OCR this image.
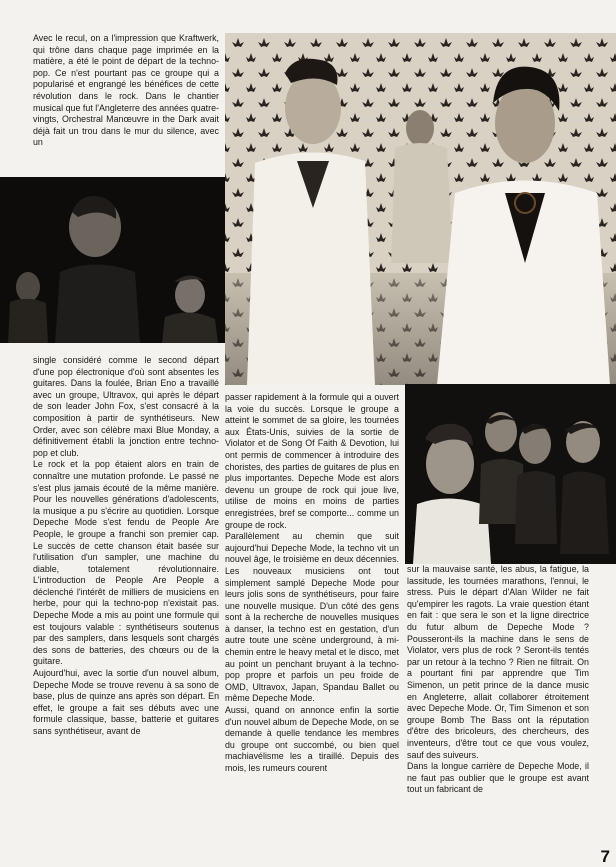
Avec le recul, on a l'impression que Kraftwerk, qui trône dans chaque page imprimée en la matière, a été le point de départ de la techno-pop. Ce n'est pourtant pas ce groupe qui a popularisé et engrangé les bénéfices de cette révolution dans le rock. Dans le chantier musical que fut l'Angleterre des années quatre-vingts, Orchestral Manœuvre in the Dark avait déjà fait un trou dans le mur du silence, avec un

single considéré comme le second départ d'une pop électronique d'où sont absentes les guitares. Dans la foulée, Brian Eno a travaillé avec un groupe, Ultravox, qui après le départ de son leader John Fox, s'est consacré à la composition à partir de synthétiseurs. New Order, avec son célèbre maxi Blue Monday, a définitivement établi la jonction entre techno-pop et club.

Le rock et la pop étaient alors en train de connaître une mutation profonde. Le passé ne s'est plus jamais écouté de la même manière. Pour les nouvelles générations d'adolescents, la musique a pu s'écrire au quotidien. Lorsque Depeche Mode s'est fendu de People Are People, le groupe a franchi son premier cap. Le succès de cette chanson était basée sur l'utilisation d'un sampler, une machine du diable, totalement révolutionnaire. L'introduction de People Are People a déclenché l'intérêt de milliers de musiciens en herbe, pour qui la techno-pop n'existait pas. Depeche Mode a mis au point une formule qui est toujours valable : synthétiseurs soutenus par des samplers, dans lesquels sont chargés des sons de batteries, des chœurs ou de la guitare.

Aujourd'hui, avec la sortie d'un nouvel album, Depeche Mode se trouve revenu à sa sono de base, plus de quinze ans après son départ. En effet, le groupe a fait ses débuts avec une formule classique, basse, batterie et guitares sans synthétiseur, avant de

passer rapidement à la formule qui a ouvert la voie du succès. Lorsque le groupe a atteint le sommet de sa gloire, les tournées aux États-Unis, suivies de la sortie de Violator et de Song Of Faith & Devotion, lui ont permis de commencer à introduire des choristes, des parties de guitares de plus en plus importantes. Depeche Mode est alors devenu un groupe de rock qui joue live, utilise de moins en moins de parties enregistrées, bref se comporte... comme un groupe de rock.

Parallèlement au chemin que suit aujourd'hui Depeche Mode, la techno vit un nouvel âge, le troisième en deux décennies. Les nouveaux musiciens ont tout simplement samplé Depeche Mode pour leurs jolis sons de synthétiseurs, pour faire une nouvelle musique. D'un côté des gens sont à la recherche de nouvelles musiques à danser, la techno est en gestation, d'un autre toute une scène underground, à mi-chemin entre le heavy metal et le disco, met au point un penchant bruyant à la techno-pop propre et parfois un peu froide de OMD, Ultravox, Japan, Spandau Ballet ou même Depeche Mode.

Aussi, quand on annonce enfin la sortie d'un nouvel album de Depeche Mode, on se demande à quelle tendance les membres du groupe ont succombé, ou bien quel machiavélisme les a tiraillé. Depuis des mois, les rumeurs courent

sur la mauvaise santé, les abus, la fatigue, la lassitude, les tournées marathons, l'ennui, le stress. Puis le départ d'Alan Wilder ne fait qu'empirer les ragots. La vraie question étant en fait : que sera le son et la ligne directrice du futur album de Depeche Mode ? Pousseront-ils la machine dans le sens de Violator, vers plus de rock ? Seront-ils tentés par un retour à la techno ? Rien ne filtrait. On a pourtant fini par apprendre que Tim Simenon, un petit prince de la dance music en Angleterre, allait collaborer étroitement avec Depeche Mode. Or, Tim Simenon et son groupe Bomb The Bass ont la réputation d'être des bricoleurs, des chercheurs, des inventeurs, d'être tout ce que vous voulez, sauf des suiveurs.

Dans la longue carrière de Depeche Mode, il ne faut pas oublier que le groupe est avant tout un fabricant de

7
